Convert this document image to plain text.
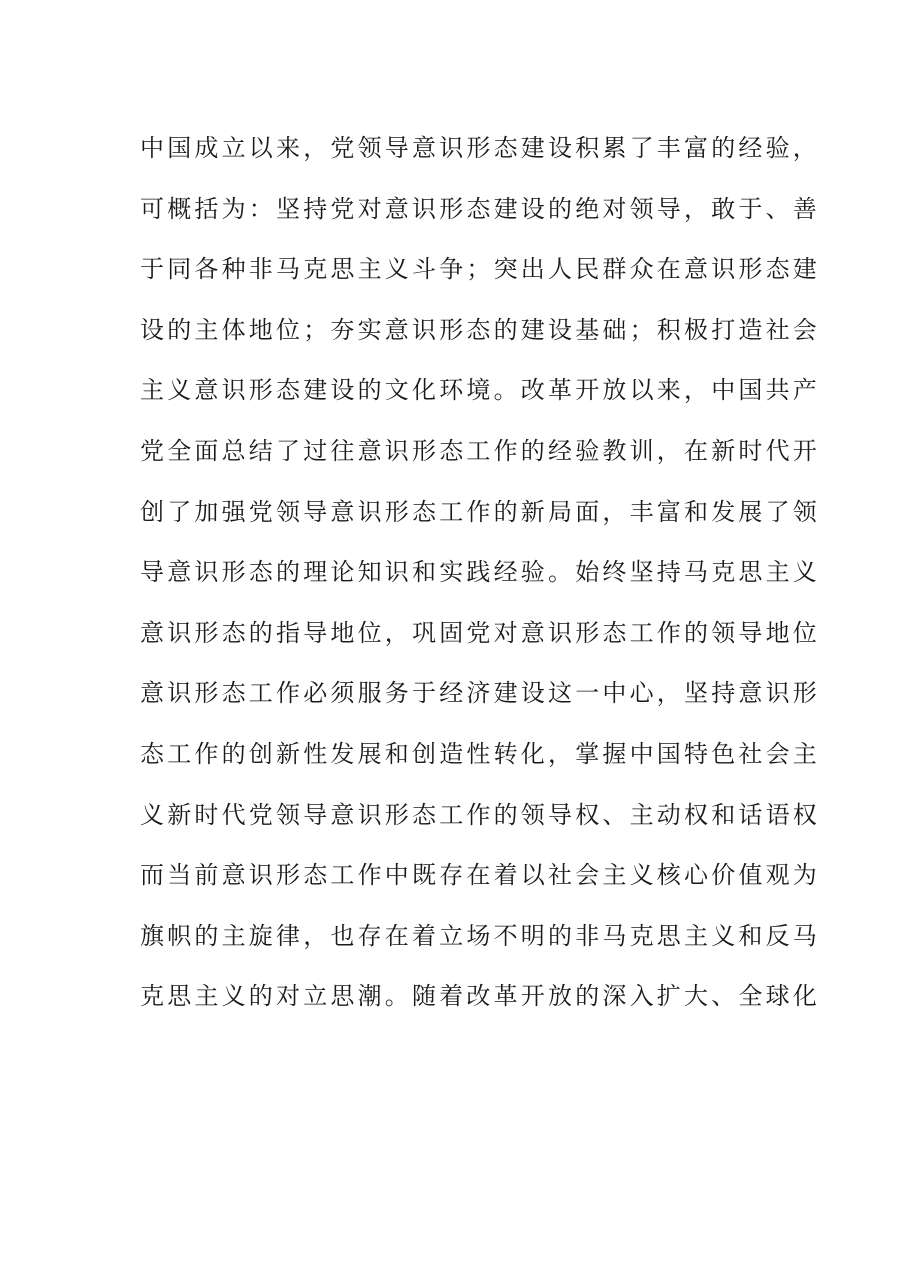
中国成立以来，党领导意识形态建设积累了丰富的经验，
可概括为：坚持党对意识形态建设的绝对领导，敢于、善
于同各种非马克思主义斗争；突出人民群众在意识形态建
设的主体地位；夯实意识形态的建设基础；积极打造社会
主义意识形态建设的文化环境。改革开放以来，中国共产
党全面总结了过往意识形态工作的经验教训，在新时代开
创了加强党领导意识形态工作的新局面，丰富和发展了领
导意识形态的理论知识和实践经验。始终坚持马克思主义
意识形态的指导地位，巩固党对意识形态工作的领导地位
意识形态工作必须服务于经济建设这一中心，坚持意识形
态工作的创新性发展和创造性转化，掌握中国特色社会主
义新时代党领导意识形态工作的领导权、主动权和话语权
而当前意识形态工作中既存在着以社会主义核心价值观为
旗帜的主旋律，也存在着立场不明的非马克思主义和反马
克思主义的对立思潮。随着改革开放的深入扩大、全球化
